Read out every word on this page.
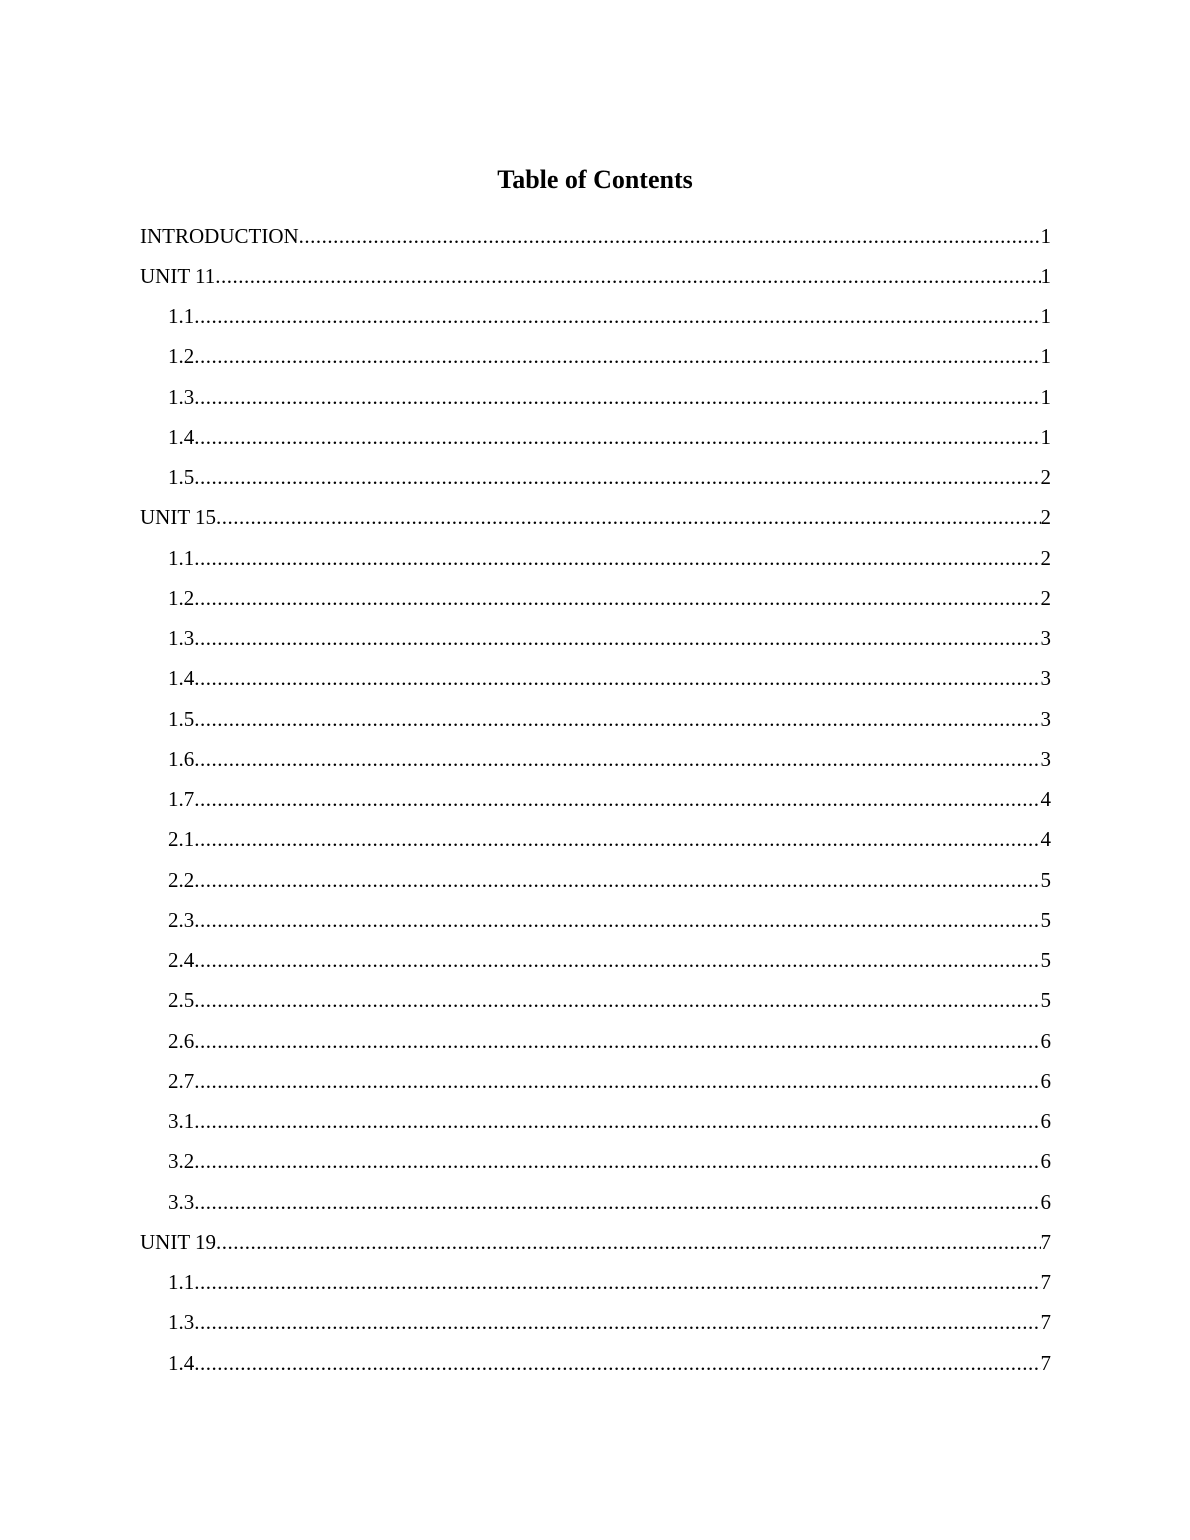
Table of Contents
INTRODUCTION .....	1
UNIT 11 .....	1
1.1 .....	1
1.2 .....	1
1.3 .....	1
1.4 .....	1
1.5 .....	2
UNIT 15 .....	2
1.1 .....	2
1.2 .....	2
1.3 .....	3
1.4 .....	3
1.5 .....	3
1.6 .....	3
1.7 .....	4
2.1 .....	4
2.2 .....	5
2.3 .....	5
2.4 .....	5
2.5 .....	5
2.6 .....	6
2.7 .....	6
3.1 .....	6
3.2 .....	6
3.3 .....	6
UNIT 19 .....	7
1.1 .....	7
1.3 .....	7
1.4 .....	7
